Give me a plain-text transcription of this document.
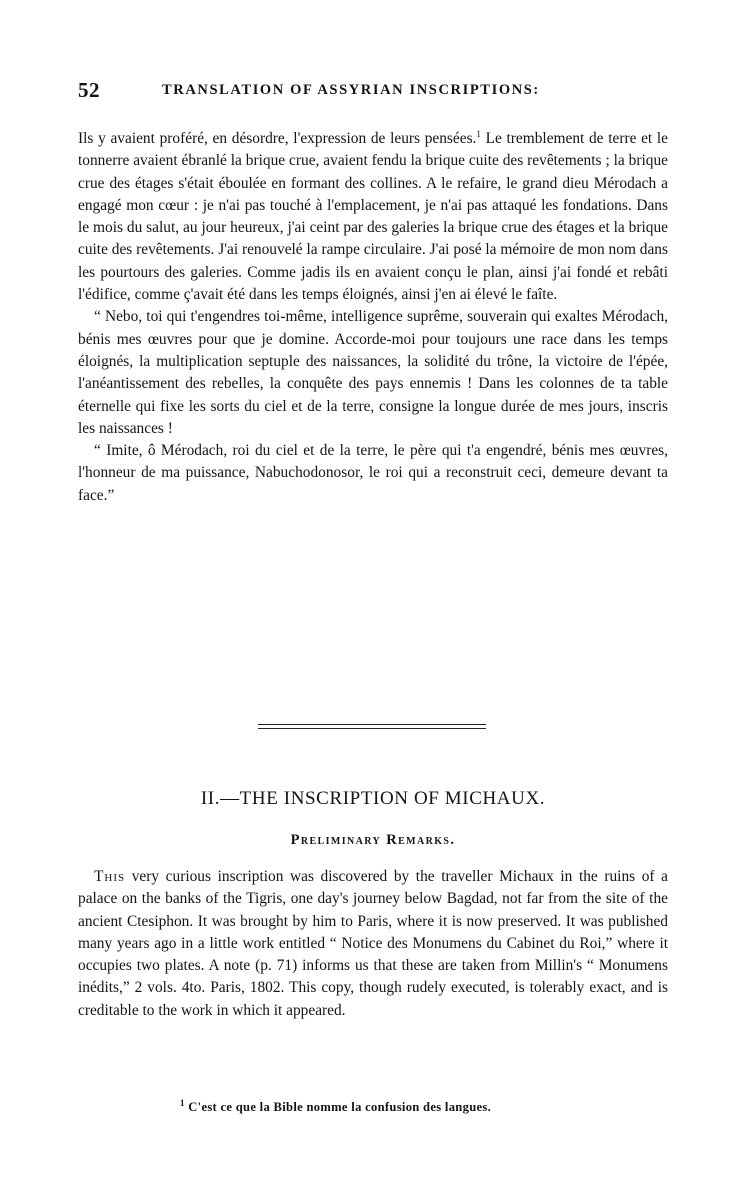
52	TRANSLATION OF ASSYRIAN INSCRIPTIONS:

Ils y avaient proféré, en désordre, l'expression de leurs pensées.$^1$ Le tremblement de terre et le tonnerre avaient ébranlé la brique crue, avaient fendu la brique cuite des revêtements ; la brique crue des étages s'était éboulée en formant des collines. A le refaire, le grand dieu Mérodach a engagé mon cœur : je n'ai pas touché à l'emplacement, je n'ai pas attaqué les fondations. Dans le mois du salut, au jour heureux, j'ai ceint par des galeries la brique crue des étages et la brique cuite des revêtements. J'ai renouvelé la rampe circulaire. J'ai posé la mémoire de mon nom dans les pourtours des galeries. Comme jadis ils en avaient conçu le plan, ainsi j'ai fondé et rebâti l'édifice, comme ç'avait été dans les temps éloignés, ainsi j'en ai élevé le faîte.

“ Nebo, toi qui t'engendres toi-même, intelligence suprême, souverain qui exaltes Mérodach, bénis mes œuvres pour que je domine. Accorde-moi pour toujours une race dans les temps éloignés, la multiplication septuple des naissances, la solidité du trône, la victoire de l'épée, l'anéantissement des rebelles, la conquête des pays ennemis ! Dans les colonnes de ta table éternelle qui fixe les sorts du ciel et de la terre, consigne la longue durée de mes jours, inscris les naissances !

“ Imite, ô Mérodach, roi du ciel et de la terre, le père qui t'a engendré, bénis mes œuvres, l'honneur de ma puissance, Nabuchodonosor, le roi qui a reconstruit ceci, demeure devant ta face.”

II.—THE INSCRIPTION OF MICHAUX.
Preliminary Remarks.

This very curious inscription was discovered by the traveller Michaux in the ruins of a palace on the banks of the Tigris, one day's journey below Bagdad, not far from the site of the ancient Ctesiphon. It was brought by him to Paris, where it is now preserved. It was published many years ago in a little work entitled “ Notice des Monumens du Cabinet du Roi,” where it occupies two plates. A note (p. 71) informs us that these are taken from Millin's “ Monumens inédits,” 2 vols. 4to. Paris, 1802. This copy, though rudely executed, is tolerably exact, and is creditable to the work in which it appeared.

$^1$ C'est ce que la Bible nomme la confusion des langues.
